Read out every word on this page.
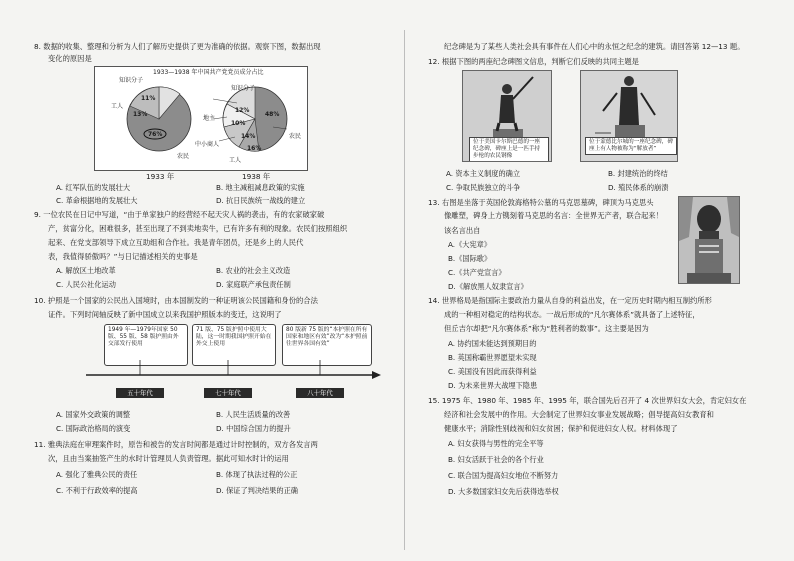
8. 数据的收集、整理和分析为人们了解历史提供了更为准确的依据。观察下图，数据出现
变化的原因是
1933—1938 年中国共产党党员成分占比
知识分子
工人
农民
11%
13%
76%
知识分子
地主
中小商人
工人
农民
12%
10%
14%
48%
16%
1933 年	1938 年
A. 红军队伍的发展壮大	B. 地主减租减息政策的实施
C. 革命根据地的发展壮大	D. 抗日民族统一战线的建立
9. 一位农民在日记中写道，“由于单家独户的经营经不起天灾人祸的袭击，有的农家破家破
产，贫富分化，困难很多，甚至出现了不到卖地卖牛，已有许多有利的现象。农民们按照组织
起来、在党支部领导下成立互助组和合作社。我是青年团员，还是乡上的人民代
表，我值得骄傲吗？”与日记描述相关的史事是
A. 解放区土地改革	B. 农业的社会主义改造
C. 人民公社化运动	D. 家庭联产承包责任制
10. 护照是一个国家的公民出入国境时，由本国制发的一种证明该公民国籍和身份的合法
证件。下列时间轴反映了新中国成立以来我国护照版本的变迁，这说明了
1949 年—1979年国家 50 版、55 版、58 版护照由外交部发行使用
71 版、75 版护照中使用大陆，这一时期我国护照开始在外交上使用
80 版新 75 版的“本护照在所有国家和地区有效”改为“本护照前往世界各国有效”
五十年代	七十年代	八十年代
A. 国家外交政策的调整	B. 人民生活质量的改善
C. 国际政治格局的演变	D. 中国综合国力的提升
11. 雅典法庭在审理案件时，原告和被告的发言时间都是通过计时控制的，双方各发言两
次，且由当案抽签产生的水时计管理员人负责管理。据此可知水时计的运用
A. 强化了雅典公民的责任	B. 体现了执法过程的公正
C. 不利于行政效率的提高	D. 保证了判决结果的正确
纪念碑是为了某些人类社会具有事件在人们心中的永恒之纪念的建筑。请回答第 12—13 题。
12. 根据下图的两座纪念碑图文信息，判断它们反映的共同主题是
位于美国卡尔斯巴德的一座纪念碑，碑座上是一匹手持步枪的农民钢像
位于蒙德比尔城的一座纪念碑，碑座上有人物被称为“解放者”
A. 资本主义制度的确立	B. 封建统治的终结
C. 争取民族独立的斗争	D. 殖民体系的崩溃
13. 右图是坐落于英国伦敦海格特公墓的马克思墓碑，碑顶为马克思头
像雕塑，碑身上方镌刻着马克思的名言：全世界无产者，联合起来！
该名言出自
A.《大宪章》
B.《国际歌》
C.《共产党宣言》
D.《解放黑人奴隶宣言》
14. 世界格局是指国际主要政治力量从自身的利益出发，在一定历史时期内相互制约所形
成的一种相对稳定的结构状态。一战后形成的“凡尔赛体系”就具备了上述特征，
但丘吉尔却把“凡尔赛体系”称为“胜利者的数事”。这主要是因为
A. 协约国未能达到预期目的
B. 英国称霸世界愿望未实现
C. 美国没有因此而获得利益
D. 为未来世界大战埋下隐患
15. 1975 年、1980 年、1985 年、1995 年，联合国先后召开了 4 次世界妇女大会，肯定妇女在
经济和社会发展中的作用。大会制定了世界妇女事业发展战略；倡导提高妇女教育和
健康水平；消除性别歧视和妇女贫困；保护和促进妇女人权。材料体现了
A. 妇女获得与男性的完全平等
B. 妇女活跃于社会的各个行业
C. 联合国为提高妇女地位不断努力
D. 大多数国家妇女先后获得选举权
